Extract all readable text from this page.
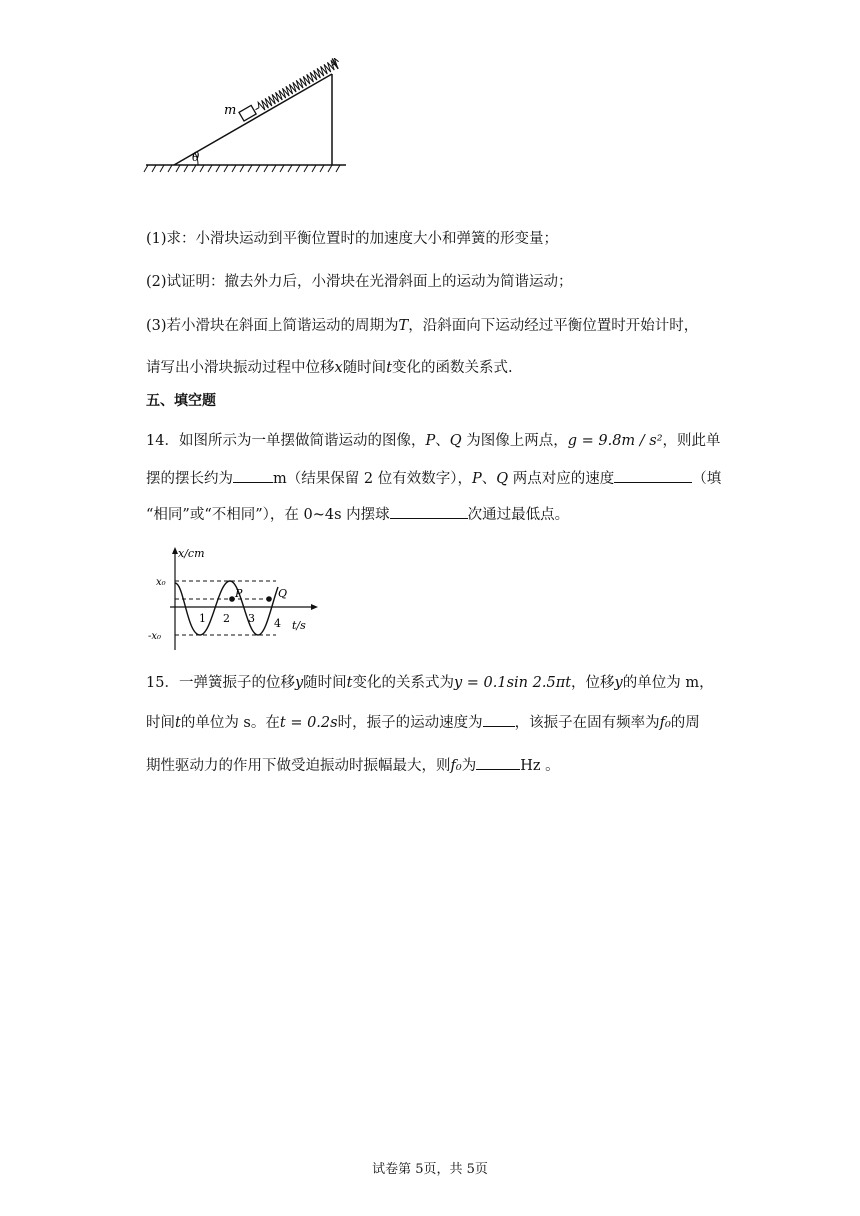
m
θ
(1)求：小滑块运动到平衡位置时的加速度大小和弹簧的形变量；
(2)试证明：撤去外力后，小滑块在光滑斜面上的运动为简谐运动；
(3)若小滑块在斜面上简谐运动的周期为T，沿斜面向下运动经过平衡位置时开始计时，
请写出小滑块振动过程中位移x随时间t变化的函数关系式.
五、填空题
14．如图所示为一单摆做简谐运动的图像，P、Q 为图像上两点，g = 9.8m / s²，则此单
摆的摆长约为	m（结果保留 2 位有效数字），P、Q 两点对应的速度	（填
“相同”或“不相同”），在 0~4s 内摆球	次通过最低点。
1 2 3 4
x/cm
t/s
x₀
-x₀
P	Q
15．一弹簧振子的位移y随时间t变化的关系式为y = 0.1sin 2.5πt，位移y的单位为 m，
时间t的单位为 s。在t = 0.2s时，振子的运动速度为 ，该振子在固有频率为f₀的周
期性驱动力的作用下做受迫振动时振幅最大，则f₀为	Hz 。
试卷第 5页，共 5页
